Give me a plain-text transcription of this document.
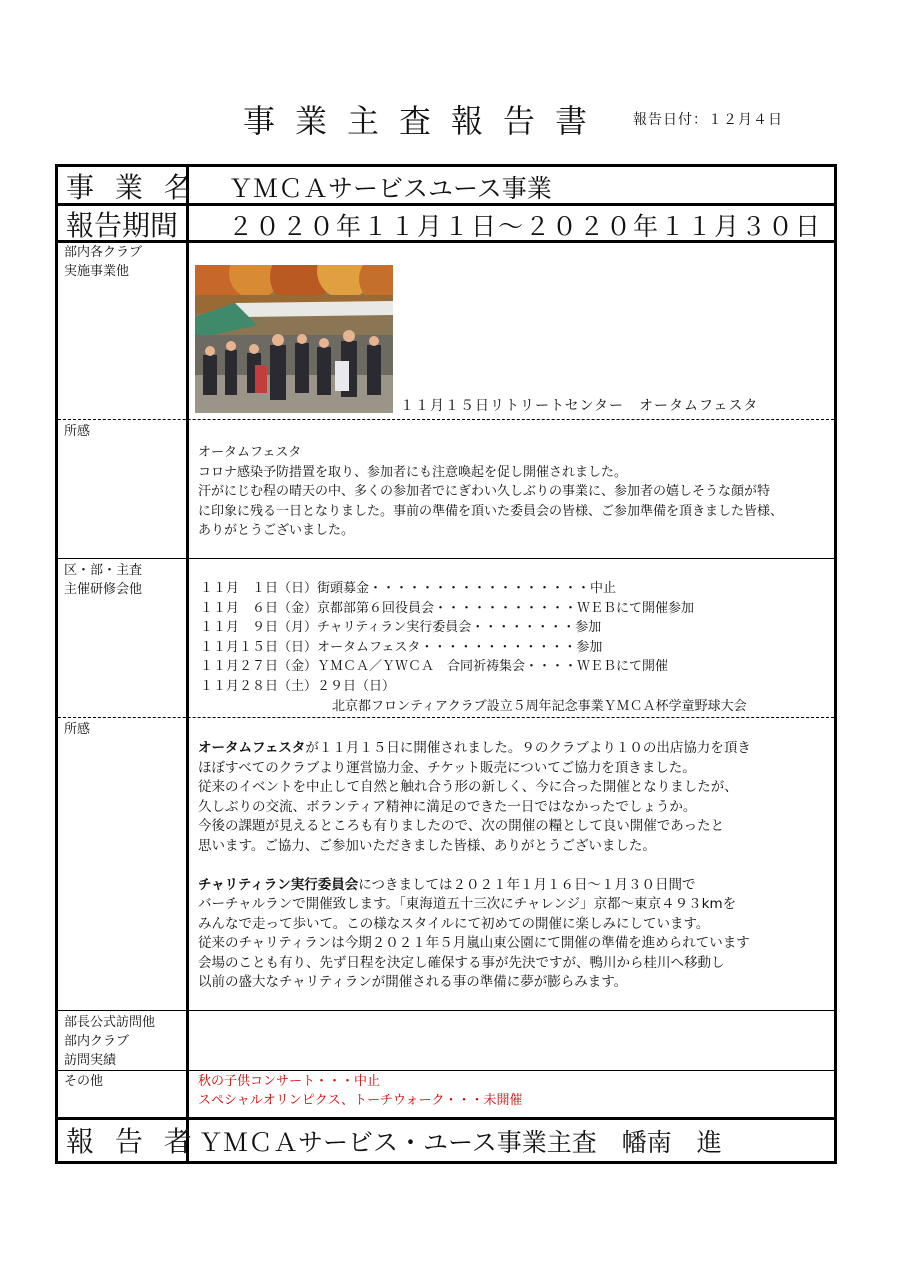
事業主査報告書 報告日付：１２月４日
事 業 名 ＹＭＣＡサービスユース事業
報告期間 ２０２０年１１月１日～２０２０年１１月３０日
部内各クラブ
実施事業他
１１月１５日リトリートセンター　オータムフェスタ
所感
オータムフェスタ
コロナ感染予防措置を取り、参加者にも注意喚起を促し開催されました。
汗がにじむ程の晴天の中、多くの参加者でにぎわい久しぶりの事業に、参加者の嬉しそうな顔が特
に印象に残る一日となりました。事前の準備を頂いた委員会の皆様、ご参加準備を頂きました皆様、
ありがとうございました。
区・部・主査
主催研修会他	１１月　１日（日）街頭募金・・・・・・・・・・・・・・・・・中止
１１月　６日（金）京都部第６回役員会・・・・・・・・・・・ＷＥＢにて開催参加
１１月　９日（月）チャリティラン実行委員会・・・・・・・・参加
１１月１５日（日）オータムフェスタ・・・・・・・・・・・・参加
１１月２７日（金）ＹＭＣＡ／ＹＷＣＡ　合同祈祷集会・・・・ＷＥＢにて開催
１１月２８日（土）２９日（日）
北京都フロンティアクラブ設立５周年記念事業ＹＭＣＡ杯学童野球大会
所感
オータムフェスタが１１月１５日に開催されました。９のクラブより１０の出店協力を頂き
ほぼすべてのクラブより運営協力金、チケット販売についてご協力を頂きました。
従来のイベントを中止して自然と触れ合う形の新しく、今に合った開催となりましたが、
久しぶりの交流、ボランティア精神に満足のできた一日ではなかったでしょうか。
今後の課題が見えるところも有りましたので、次の開催の糧として良い開催であったと
思います。ご協力、ご参加いただきました皆様、ありがとうございました。
チャリティラン実行委員会につきましては２０２１年１月１６日～１月３０日間で
バーチャルランで開催致します。「東海道五十三次にチャレンジ」京都～東京４９３kmを
みんなで走って歩いて。この様なスタイルにて初めての開催に楽しみにしています。
従来のチャリティランは今期２０２１年５月嵐山東公園にて開催の準備を進められています
会場のことも有り、先ず日程を決定し確保する事が先決ですが、鴨川から桂川へ移動し
以前の盛大なチャリティランが開催される事の準備に夢が膨らみます。
部長公式訪問他
部内クラブ
訪問実績
その他	秋の子供コンサート・・・中止
スペシャルオリンピクス、トーチウォーク・・・未開催
報 告 者 ＹＭＣＡサービス・ユース事業主査　幡南　進
